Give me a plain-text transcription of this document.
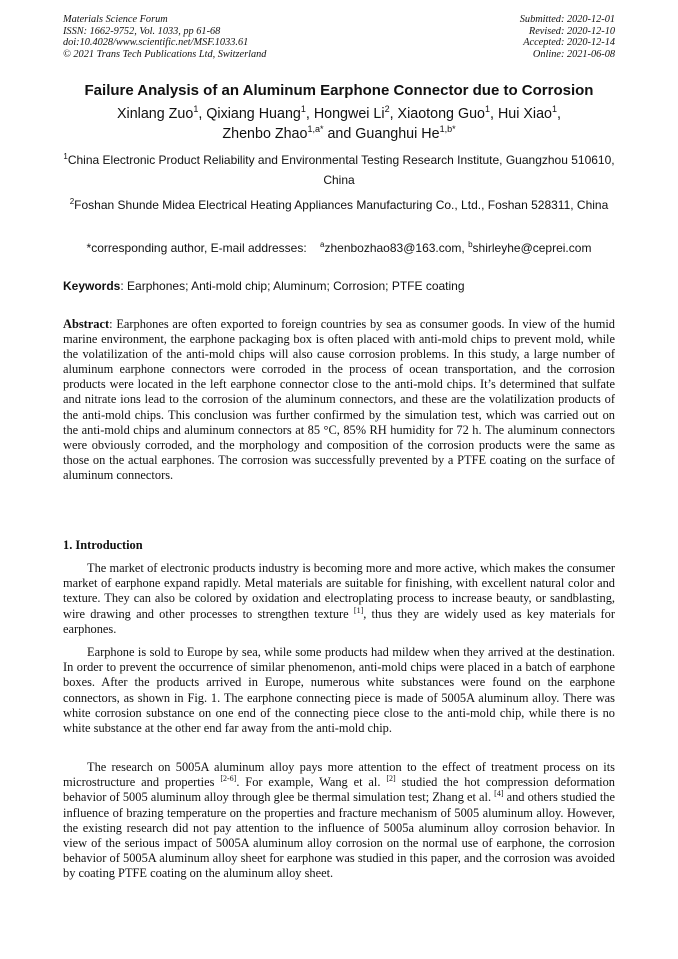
Materials Science Forum
ISSN: 1662-9752, Vol. 1033, pp 61-68
doi:10.4028/www.scientific.net/MSF.1033.61
© 2021 Trans Tech Publications Ltd, Switzerland
Submitted: 2020-12-01
Revised: 2020-12-10
Accepted: 2020-12-14
Online: 2021-06-08
Failure Analysis of an Aluminum Earphone Connector due to Corrosion
Xinlang Zuo$^1$, Qixiang Huang$^1$, Hongwei Li$^2$, Xiaotong Guo$^1$, Hui Xiao$^1$,
Zhenbo Zhao$^{1,a*}$ and Guanghui $He^{1,b*}$
$^1$China Electronic Product Reliability and Environmental Testing Research Institute, Guangzhou 510610, China
$^2$Foshan Shunde Midea Electrical Heating Appliances Manufacturing Co., Ltd., Foshan 528311, China
*corresponding author, E-mail addresses: $^a$zhenbozhao83@163.com, $^b$shirleyhe@ceprei.com
Keywords: Earphones; Anti-mold chip; Aluminum; Corrosion; PTFE coating

Abstract: Earphones are often exported to foreign countries by sea as consumer goods. In view of the humid marine environment, the earphone packaging box is often placed with anti-mold chips to prevent mold, while the volatilization of the anti-mold chips will also cause corrosion problems. In this study, a large number of aluminum earphone connectors were corroded in the process of ocean transportation, and the corrosion products were located in the left earphone connector close to the anti-mold chips. It’s determined that sulfate and nitrate ions lead to the corrosion of the aluminum connectors, and these are the volatilization products of the anti-mold chips. This conclusion was further confirmed by the simulation test, which was carried out on the anti-mold chips and aluminum connectors at 85 °C, 85% RH humidity for 72 h. The aluminum connectors were obviously corroded, and the morphology and composition of the corrosion products were the same as those on the actual earphones. The corrosion was successfully prevented by a PTFE coating on the surface of aluminum connectors.

1. Introduction

The market of electronic products industry is becoming more and more active, which makes the consumer market of earphone expand rapidly. Metal materials are suitable for finishing, with excellent natural color and texture. They can also be colored by oxidation and electroplating process to increase beauty, or sandblasting, wire drawing and other processes to strengthen texture [1], thus they are widely used as key materials for earphones.

Earphone is sold to Europe by sea, while some products had mildew when they arrived at the destination. In order to prevent the occurrence of similar phenomenon, anti-mold chips were placed in a batch of earphone boxes. After the products arrived in Europe, numerous white substances were found on the earphone connectors, as shown in Fig. 1. The earphone connecting piece is made of 5005A aluminum alloy. There was white corrosion substance on one end of the connecting piece close to the anti-mold chip, while there is no white substance at the other end far away from the anti-mold chip.

The research on 5005A aluminum alloy pays more attention to the effect of treatment process on its microstructure and properties [2-6]. For example, Wang et al. [2] studied the hot compression deformation behavior of 5005 aluminum alloy through glee be thermal simulation test; Zhang et al. [4] and others studied the influence of brazing temperature on the properties and fracture mechanism of 5005 aluminum alloy. However, the existing research did not pay attention to the influence of 5005a aluminum alloy corrosion behavior. In view of the serious impact of 5005A aluminum alloy corrosion on the normal use of earphone, the corrosion behavior of 5005A aluminum alloy sheet for earphone was studied in this paper, and the corrosion was avoided by coating PTFE coating on the aluminum alloy sheet.
